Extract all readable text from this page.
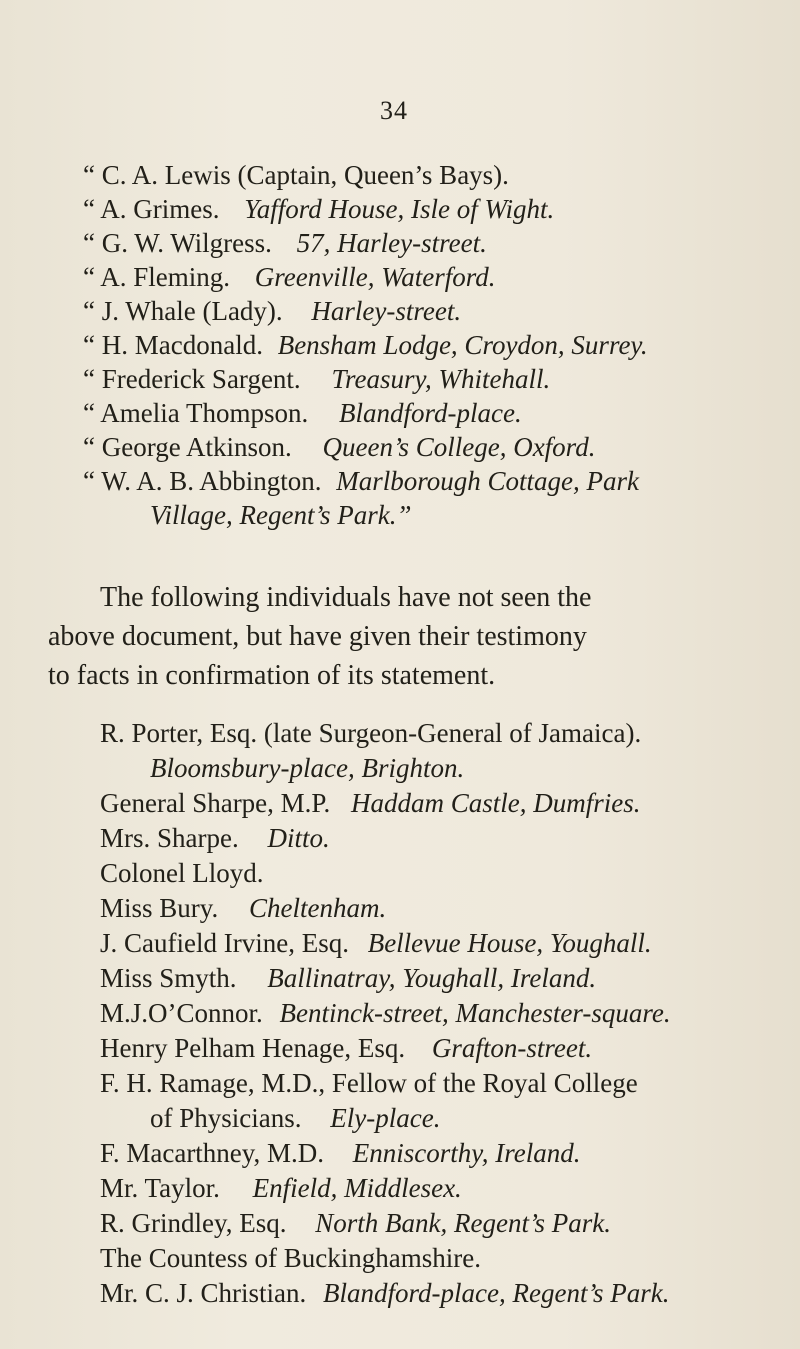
34
“ C. A. Lewis (Captain, Queen’s Bays).
“ A. Grimes. Yafford House, Isle of Wight.
“ G. W. Wilgress. 57, Harley-street.
“ A. Fleming. Greenville, Waterford.
“ J. Whale (Lady). Harley-street.
“ H. Macdonald. Bensham Lodge, Croydon, Surrey.
“ Frederick Sargent. Treasury, Whitehall.
“ Amelia Thompson. Blandford-place.
“ George Atkinson. Queen’s College, Oxford.
“ W. A. B. Abbington. Marlborough Cottage, Park
Village, Regent’s Park.”
The following individuals have not seen the
above document, but have given their testimony
to facts in confirmation of its statement.
R. Porter, Esq. (late Surgeon-General of Jamaica).
Bloomsbury-place, Brighton.
General Sharpe, M.P. Haddam Castle, Dumfries.
Mrs. Sharpe. Ditto.
Colonel Lloyd.
Miss Bury. Cheltenham.
J. Caufield Irvine, Esq. Bellevue House, Youghall.
Miss Smyth. Ballinatray, Youghall, Ireland.
M.J.O’Connor. Bentinck-street, Manchester-square.
Henry Pelham Henage, Esq. Grafton-street.
F. H. Ramage, M.D., Fellow of the Royal College
of Physicians. Ely-place.
F. Macarthney, M.D. Enniscorthy, Ireland.
Mr. Taylor. Enfield, Middlesex.
R. Grindley, Esq. North Bank, Regent’s Park.
The Countess of Buckinghamshire.
Mr. C. J. Christian. Blandford-place, Regent’s Park.
